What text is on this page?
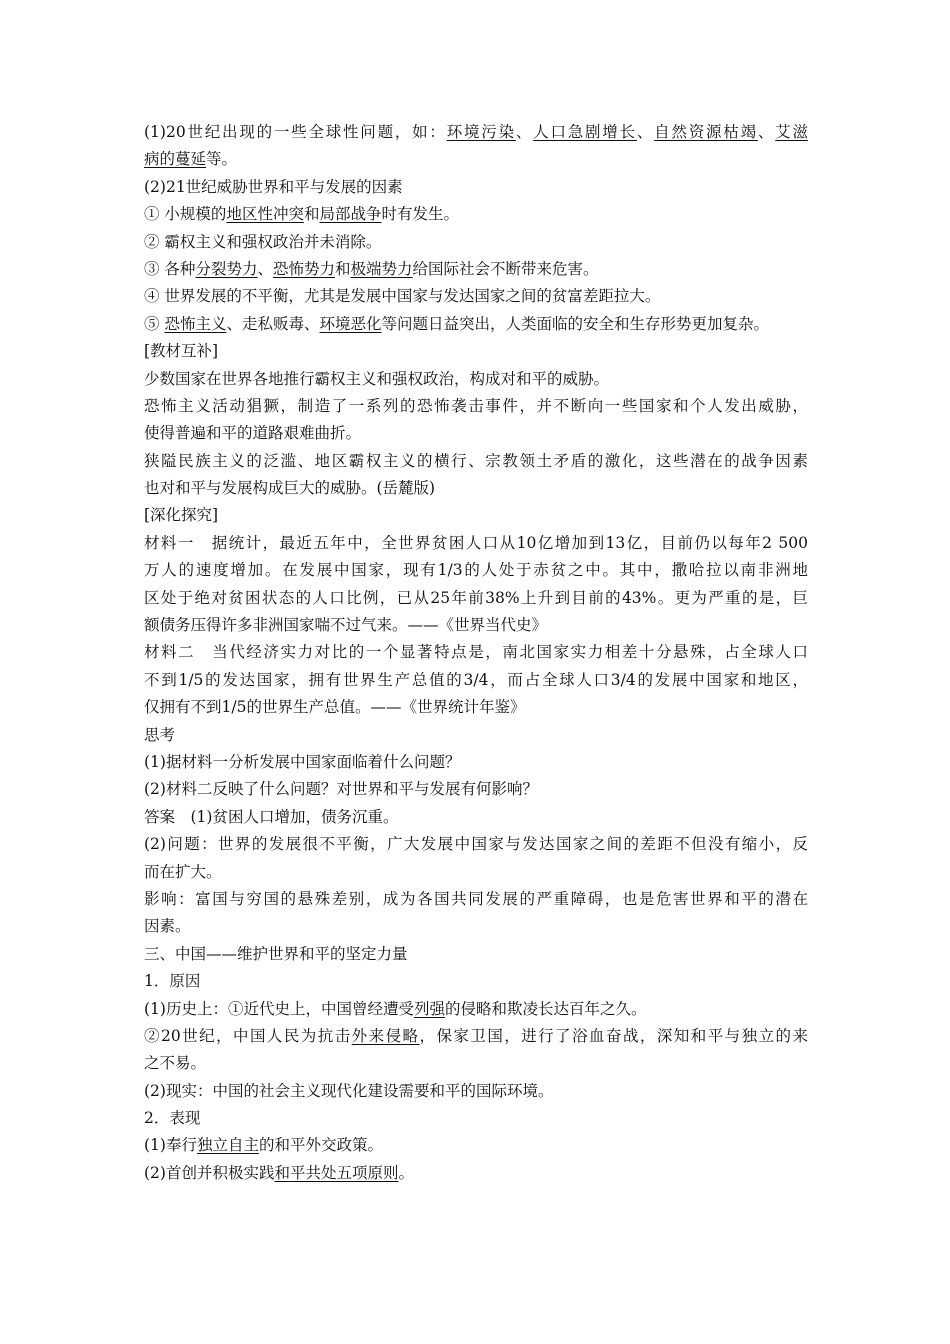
(1)20世纪出现的一些全球性问题，如：环境污染、人口急剧增长、自然资源枯竭、艾滋
病的蔓延等。
(2)21世纪威胁世界和平与发展的因素
① 小规模的地区性冲突和局部战争时有发生。
② 霸权主义和强权政治并未消除。
③ 各种分裂势力、恐怖势力和极端势力给国际社会不断带来危害。
④ 世界发展的不平衡，尤其是发展中国家与发达国家之间的贫富差距拉大。
⑤ 恐怖主义、走私贩毒、环境恶化等问题日益突出，人类面临的安全和生存形势更加复杂。
[教材互补]
少数国家在世界各地推行霸权主义和强权政治，构成对和平的威胁。
恐怖主义活动猖獗，制造了一系列的恐怖袭击事件，并不断向一些国家和个人发出威胁，
使得普遍和平的道路艰难曲折。
狭隘民族主义的泛滥、地区霸权主义的横行、宗教领土矛盾的激化，这些潜在的战争因素
也对和平与发展构成巨大的威胁。(岳麓版)
[深化探究]
材料一　据统计，最近五年中，全世界贫困人口从10亿增加到13亿，目前仍以每年2 500
万人的速度增加。在发展中国家，现有1/3的人处于赤贫之中。其中，撒哈拉以南非洲地
区处于绝对贫困状态的人口比例，已从25年前38%上升到目前的43%。更为严重的是，巨
额债务压得许多非洲国家喘不过气来。——《世界当代史》
材料二　当代经济实力对比的一个显著特点是，南北国家实力相差十分悬殊，占全球人口
不到1/5的发达国家，拥有世界生产总值的3/4，而占全球人口3/4的发展中国家和地区，
仅拥有不到1/5的世界生产总值。——《世界统计年鉴》
思考
(1)据材料一分析发展中国家面临着什么问题？
(2)材料二反映了什么问题？对世界和平与发展有何影响？
答案　(1)贫困人口增加，债务沉重。
(2)问题：世界的发展很不平衡，广大发展中国家与发达国家之间的差距不但没有缩小，反
而在扩大。
影响：富国与穷国的悬殊差别，成为各国共同发展的严重障碍，也是危害世界和平的潜在
因素。
三、中国——维护世界和平的坚定力量
1．原因
(1)历史上：①近代史上，中国曾经遭受列强的侵略和欺凌长达百年之久。
②20世纪，中国人民为抗击外来侵略，保家卫国，进行了浴血奋战，深知和平与独立的来
之不易。
(2)现实：中国的社会主义现代化建设需要和平的国际环境。
2．表现
(1)奉行独立自主的和平外交政策。
(2)首创并积极实践和平共处五项原则。
